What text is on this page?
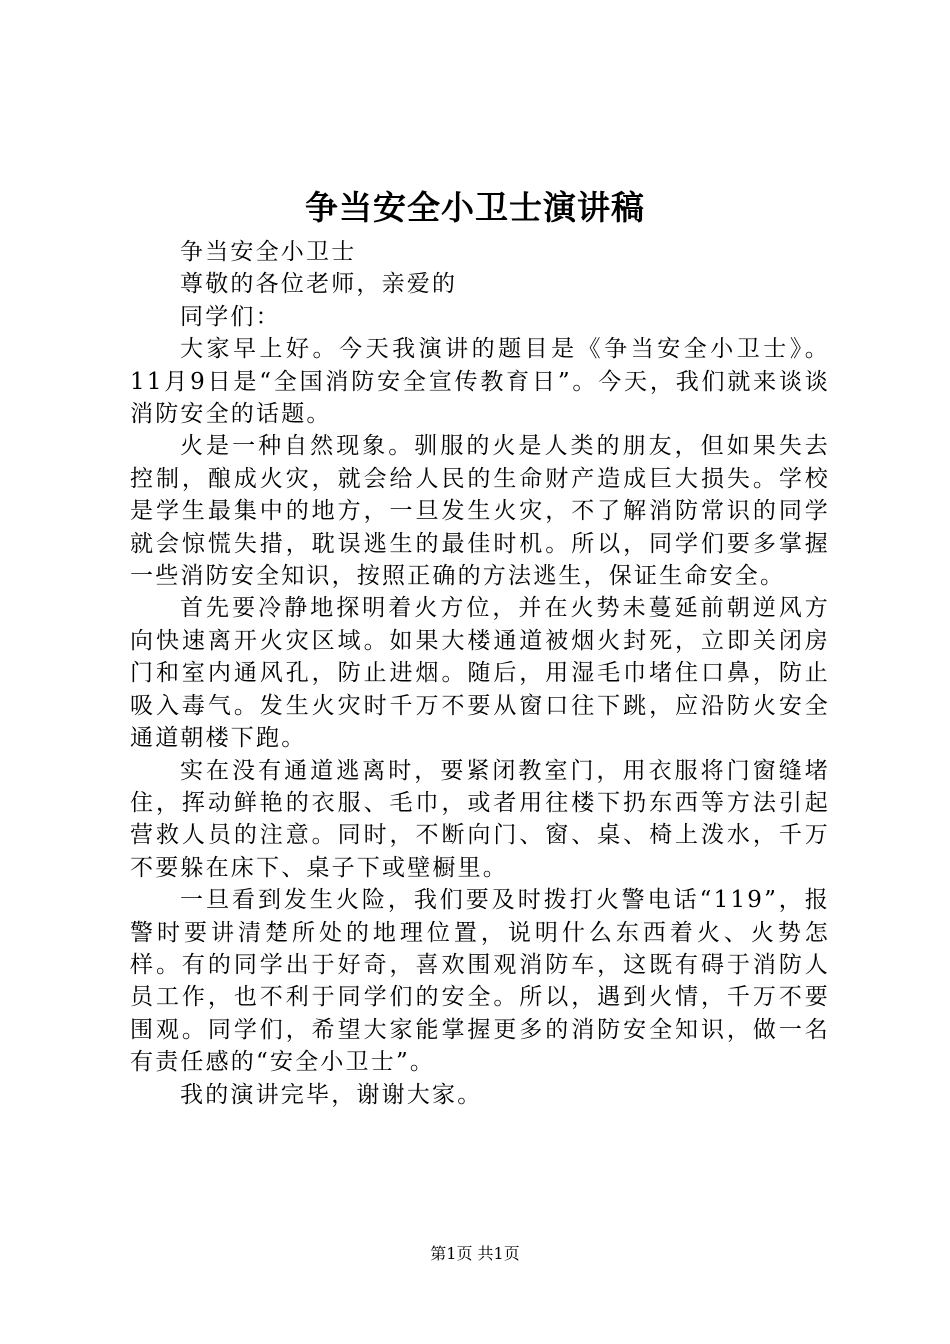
争当安全小卫士演讲稿

争当安全小卫士

尊敬的各位老师，亲爱的

同学们：

大家早上好。今天我演讲的题目是《争当安全小卫士》。11月9日是“全国消防安全宣传教育日”。今天，我们就来谈谈消防安全的话题。

火是一种自然现象。驯服的火是人类的朋友，但如果失去控制，酿成火灾，就会给人民的生命财产造成巨大损失。学校是学生最集中的地方，一旦发生火灾，不了解消防常识的同学就会惊慌失措，耽误逃生的最佳时机。所以，同学们要多掌握一些消防安全知识，按照正确的方法逃生，保证生命安全。

首先要冷静地探明着火方位，并在火势未蔓延前朝逆风方向快速离开火灾区域。如果大楼通道被烟火封死，立即关闭房门和室内通风孔，防止进烟。随后，用湿毛巾堵住口鼻，防止吸入毒气。发生火灾时千万不要从窗口往下跳，应沿防火安全通道朝楼下跑。

实在没有通道逃离时，要紧闭教室门，用衣服将门窗缝堵住，挥动鲜艳的衣服、毛巾，或者用往楼下扔东西等方法引起营救人员的注意。同时，不断向门、窗、桌、椅上泼水，千万不要躲在床下、桌子下或壁橱里。

一旦看到发生火险，我们要及时拨打火警电话“119”，报警时要讲清楚所处的地理位置，说明什么东西着火、火势怎样。有的同学出于好奇，喜欢围观消防车，这既有碍于消防人员工作，也不利于同学们的安全。所以，遇到火情，千万不要围观。同学们，希望大家能掌握更多的消防安全知识，做一名有责任感的“安全小卫士”。

我的演讲完毕，谢谢大家。

第1页 共1页
